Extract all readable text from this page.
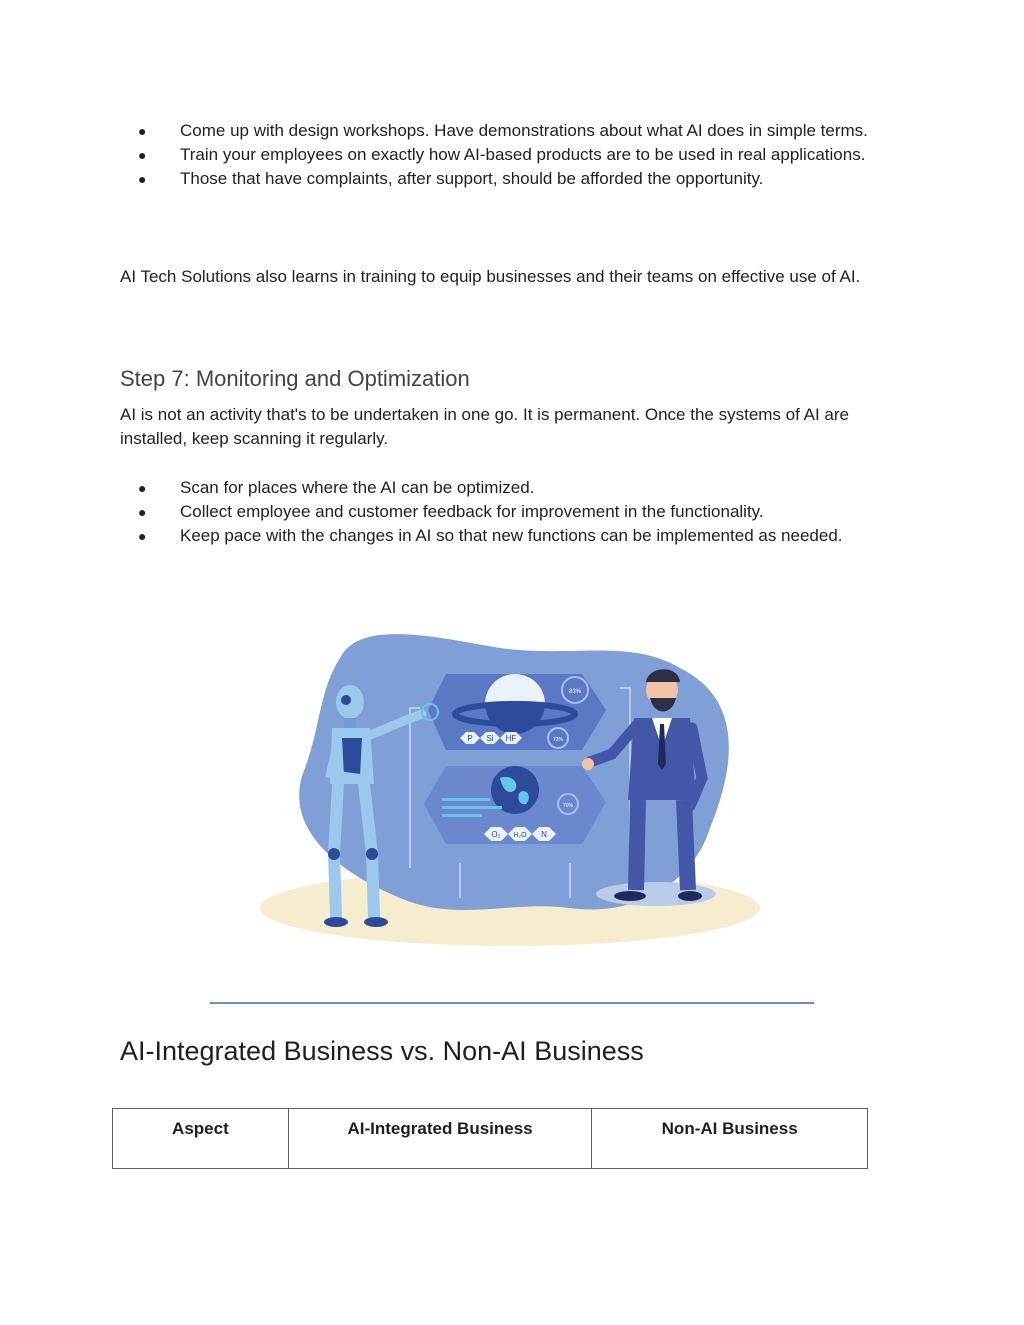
● Come up with design workshops. Have demonstrations about what AI does in simple terms.
● Train your employees on exactly how AI-based products are to be used in real applications.
● Those that have complaints, after support, should be afforded the opportunity.

AI Tech Solutions also learns in training to equip businesses and their teams on effective use of AI.

Step 7: Monitoring and Optimization

AI is not an activity that's to be undertaken in one go. It is permanent. Once the systems of AI are installed, keep scanning it regularly.

● Scan for places where the AI can be optimized.
● Collect employee and customer feedback for improvement in the functionality.
● Keep pace with the changes in AI so that new functions can be implemented as needed.
83%
72%
P Si HF
70%
O₂ H₂O N
AI-Integrated Business vs. Non-AI Business
Aspect	AI-Integrated Business	Non-AI Business
